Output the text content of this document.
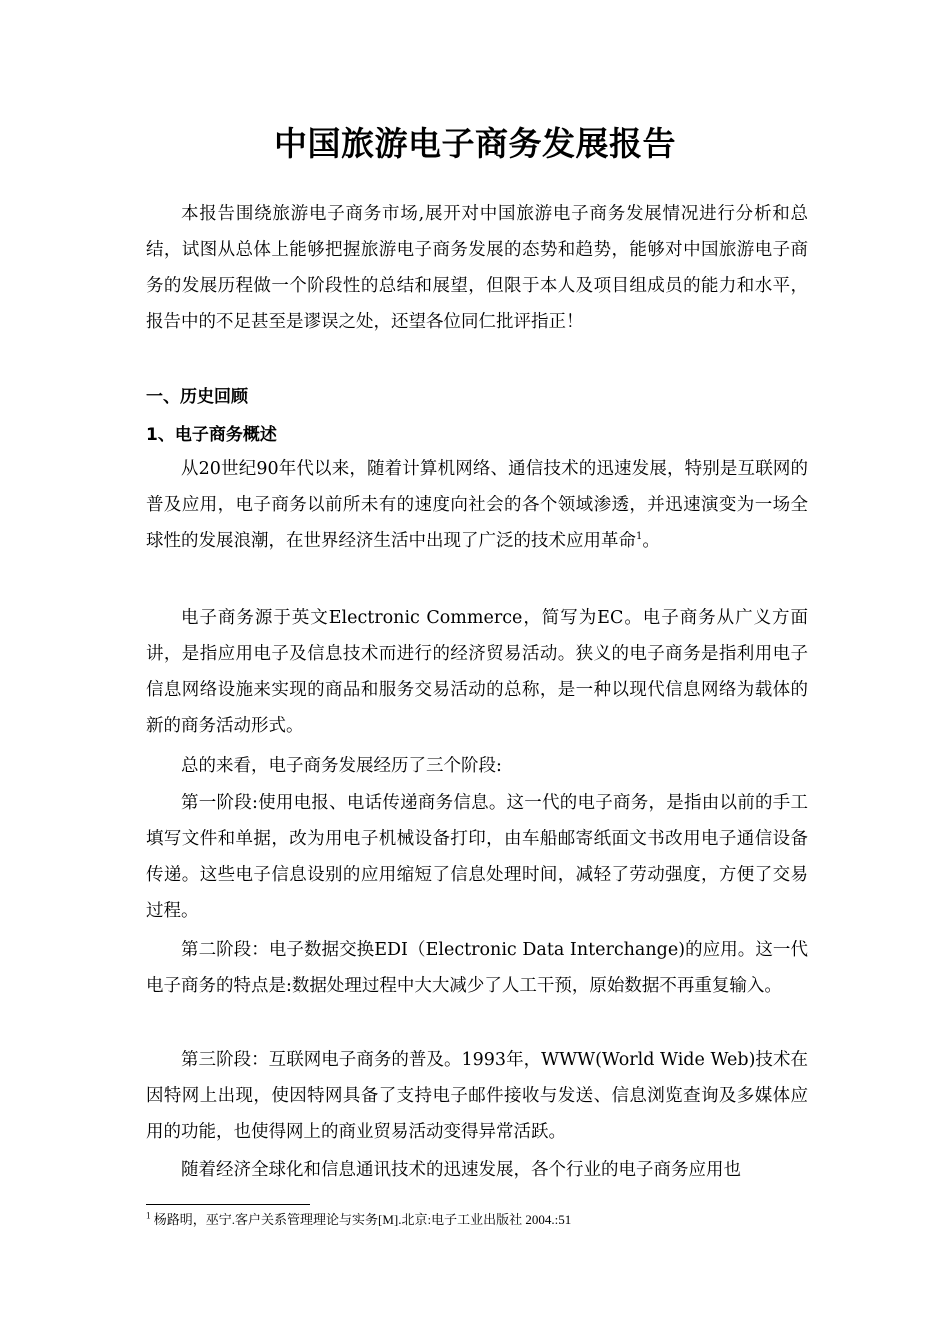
中国旅游电子商务发展报告

本报告围绕旅游电子商务市场,展开对中国旅游电子商务发展情况进行分析和总结，试图从总体上能够把握旅游电子商务发展的态势和趋势，能够对中国旅游电子商务的发展历程做一个阶段性的总结和展望，但限于本人及项目组成员的能力和水平，报告中的不足甚至是谬误之处，还望各位同仁批评指正！

一、历史回顾
1、电子商务概述

从20世纪90年代以来，随着计算机网络、通信技术的迅速发展，特别是互联网的普及应用，电子商务以前所未有的速度向社会的各个领域渗透，并迅速演变为一场全球性的发展浪潮，在世界经济生活中出现了广泛的技术应用革命$^1$。

电子商务源于英文Electronic Commerce，简写为EC。电子商务从广义方面讲，是指应用电子及信息技术而进行的经济贸易活动。狭义的电子商务是指利用电子信息网络设施来实现的商品和服务交易活动的总称，是一种以现代信息网络为载体的新的商务活动形式。

总的来看，电子商务发展经历了三个阶段:

第一阶段:使用电报、电话传递商务信息。这一代的电子商务，是指由以前的手工填写文件和单据，改为用电子机械设备打印，由车船邮寄纸面文书改用电子通信设备传递。这些电子信息设别的应用缩短了信息处理时间，减轻了劳动强度，方便了交易过程。

第二阶段：电子数据交换EDI（Electronic Data Interchange)的应用。这一代电子商务的特点是:数据处理过程中大大减少了人工干预，原始数据不再重复输入。

第三阶段：互联网电子商务的普及。1993年，WWW(World Wide Web)技术在因特网上出现，使因特网具备了支持电子邮件接收与发送、信息浏览查询及多媒体应用的功能，也使得网上的商业贸易活动变得异常活跃。

随着经济全球化和信息通讯技术的迅速发展，各个行业的电子商务应用也

$^1$ 杨路明，巫宁.客户关系管理理论与实务[M].北京:电子工业出版社 2004.:51
